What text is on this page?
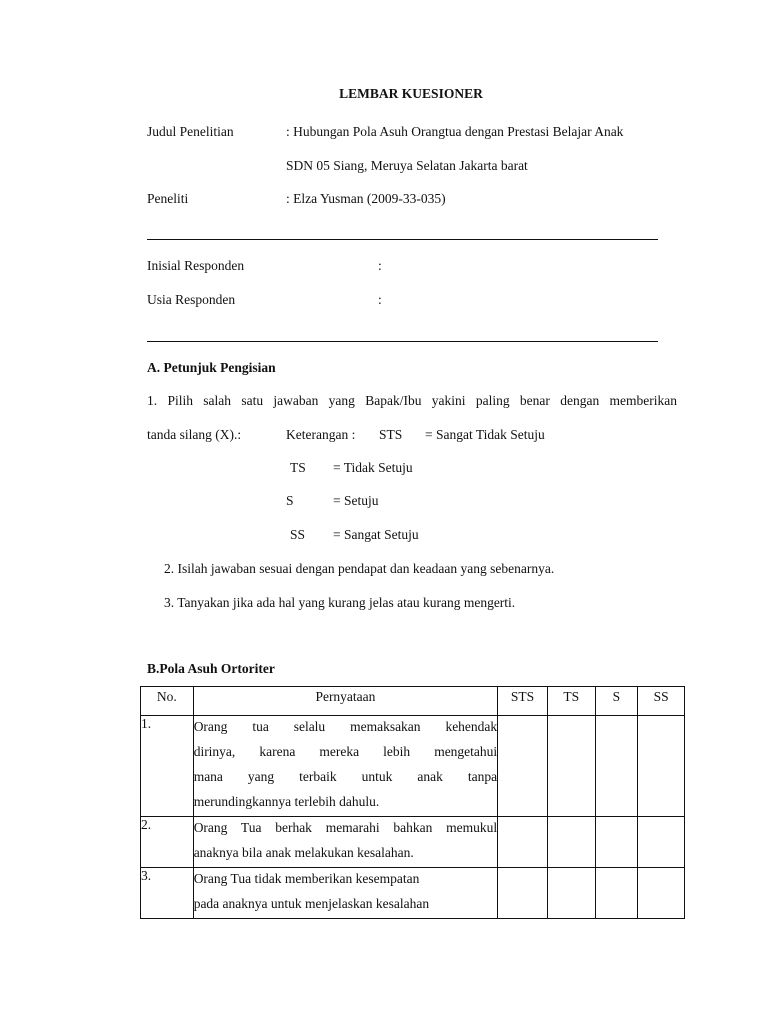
LEMBAR KUESIONER
Judul Penelitian	: Hubungan Pola Asuh Orangtua dengan Prestasi Belajar Anak
SDN 05 Siang, Meruya Selatan Jakarta barat
Peneliti	: Elza Yusman (2009-33-035)
Inisial Responden	:
Usia Responden	:
A. Petunjuk Pengisian
1. Pilih salah satu jawaban yang Bapak/Ibu yakini paling benar dengan memberikan
tanda silang (X).:	Keterangan : STS = Sangat Tidak Setuju
TS = Tidak Setuju
S	= Setuju
SS = Sangat Setuju
2. Isilah jawaban sesuai dengan pendapat dan keadaan yang sebenarnya.
3. Tanyakan jika ada hal yang kurang jelas atau kurang mengerti.
B.Pola Asuh Ortoriter
No.	Pernyataan	STS	TS	S	SS
1.	Orang tua selalu memaksakan kehendak
dirinya, karena mereka lebih mengetahui
mana yang terbaik untuk anak tanpa
merundingkannya terlebih dahulu.				

2.	Orang Tua berhak memarahi bahkan memukul
anaknya bila anak melakukan kesalahan.				

3.	Orang Tua tidak memberikan kesempatan
pada anaknya untuk menjelaskan kesalahan				
